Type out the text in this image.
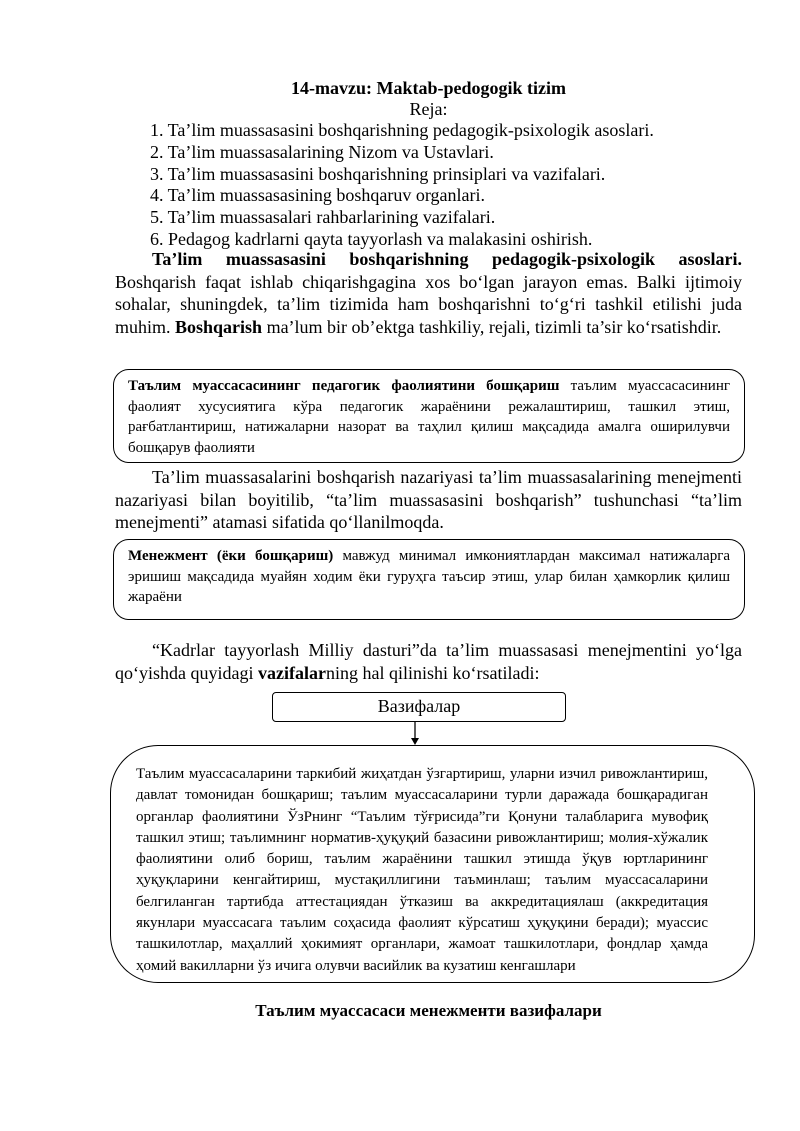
14-mavzu: Maktab-pedogogik tizim
Reja:
1. Ta’lim muassasasini boshqarishning pedagogik-psixologik asoslari.
2. Ta’lim muassasalarining Nizom va Ustavlari.
3. Ta’lim muassasasini boshqarishning prinsiplari va vazifalari.
4. Ta’lim muassasasining boshqaruv organlari.
5. Ta’lim muassasalari rahbarlarining vazifalari.
6. Pedagog kadrlarni qayta tayyorlash va malakasini oshirish.

Ta’lim muassasasini boshqarishning pedagogik-psixologik asoslari. Boshqarish faqat ishlab chiqarishgagina xos bo‘lgan jarayon emas. Balki ijtimoiy sohalar, shuningdek, ta’lim tizimida ham boshqarishni to‘g‘ri tashkil etilishi juda muhim. Boshqarish ma’lum bir ob’ektga tashkiliy, rejali, tizimli ta’sir ko‘rsatishdir.

Таълим муассасасининг педагогик фаолиятини бошқариш таълим муассасасининг фаолият хусусиятига кўра педагогик жараёнини режалаштириш, ташкил этиш, рағбатлантириш, натижаларни назорат ва таҳлил қилиш мақсадида амалга оширилувчи бошқарув фаолияти

Ta’lim muassasalarini boshqarish nazariyasi ta’lim muassasalarining menejmenti nazariyasi bilan boyitilib, “ta’lim muassasasini boshqarish” tushunchasi “ta’lim menejmenti” atamasi sifatida qo‘llanilmoqda.

Менежмент (ёки бошқариш) мавжуд минимал имкониятлардан максимал натижаларга эришиш мақсадида муайян ходим ёки гуруҳга таъсир этиш, улар билан ҳамкорлик қилиш жараёни

“Kadrlar tayyorlash Milliy dasturi”da ta’lim muassasasi menejmentini yo‘lga qo‘yishda quyidagi vazifalarning hal qilinishi ko‘rsatiladi:

Вазифалар
Таълим муассасаларини таркибий жиҳатдан ўзгартириш, уларни изчил ривожлантириш, давлат томонидан бошқариш; таълим муассасаларини турли даражада бошқарадиган органлар фаолиятини ЎзРнинг “Таълим тўғрисида”ги Қонуни талабларига мувофиқ ташкил этиш; таълимнинг норматив-ҳуқуқий базасини ривожлантириш; молия-хўжалик фаолиятини олиб бориш, таълим жараёнини ташкил этишда ўқув юртларининг ҳуқуқларини кенгайтириш, мустақиллигини таъминлаш; таълим муассасаларини белгиланган тартибда аттестациядан ўтказиш ва аккредитациялаш (аккредитация якунлари муассасага таълим соҳасида фаолият кўрсатиш ҳуқуқини беради); муассис ташкилотлар, маҳаллий ҳокимият органлари, жамоат ташкилотлари, фондлар ҳамда ҳомий вакилларни ўз ичига олувчи васийлик ва кузатиш кенгашлари
Таълим муассасаси менежменти вазифалари
